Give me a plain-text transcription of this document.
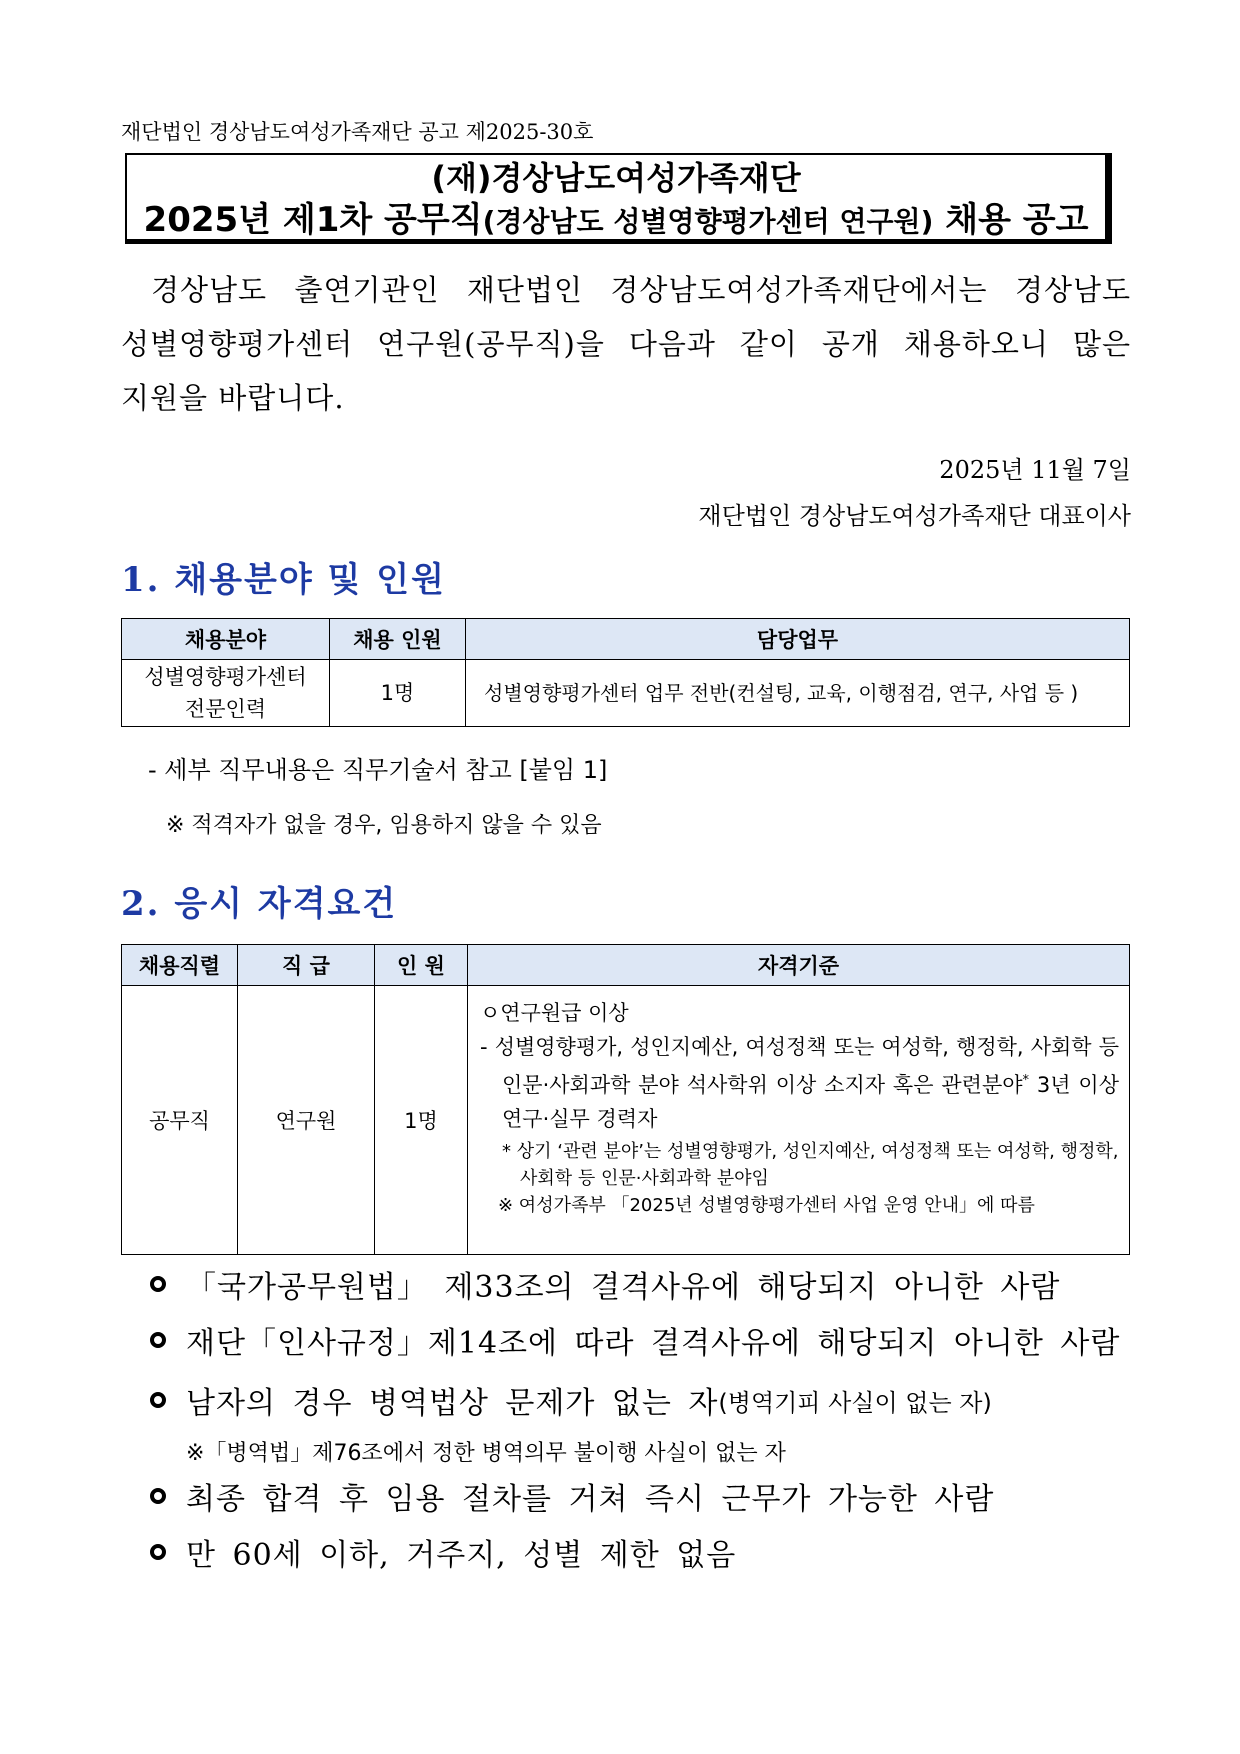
재단법인 경상남도여성가족재단 공고 제2025-30호
(재)경상남도여성가족재단
2025년 제1차 공무직(경상남도 성별영향평가센터 연구원) 채용 공고
경상남도 출연기관인 재단법인 경상남도여성가족재단에서는 경상남도
성별영향평가센터 연구원(공무직)을 다음과 같이 공개 채용하오니 많은
지원을 바랍니다.
2025년 11월 7일
재단법인 경상남도여성가족재단 대표이사
1. 채용분야 및 인원
채용분야	채용 인원	담당업무
성별영향평가센터
전문인력	1명	성별영향평가센터 업무 전반(컨설팅, 교육, 이행점검, 연구, 사업 등 )
- 세부 직무내용은 직무기술서 참고 [붙임 1]
※ 적격자가 없을 경우, 임용하지 않을 수 있음
2. 응시 자격요건
채용직렬	직 급	인 원	자격기준
공무직	연구원	1명	ㅇ연구원급 이상
- 성별영향평가, 성인지예산, 여성정책 또는 여성학, 행정학, 사회학 등 인문·사회과학 분야 석사학위 이상 소지자 혹은 관련분야* 3년 이상 연구·실무 경력자
* 상기 ‘관련 분야’는 성별영향평가, 성인지예산, 여성정책 또는 여성학, 행정학, 사회학 등 인문·사회과학 분야임
※ 여성가족부 「2025년 성별영향평가센터 사업 운영 안내」에 따름
「국가공무원법」 제33조의 결격사유에 해당되지 아니한 사람
재단「인사규정」제14조에 따라 결격사유에 해당되지 아니한 사람
남자의 경우 병역법상 문제가 없는 자 (병역기피 사실이 없는 자)
※「병역법」제76조에서 정한 병역의무 불이행 사실이 없는 자
최종 합격 후 임용 절차를 거쳐 즉시 근무가 가능한 사람
만 60세 이하, 거주지, 성별 제한 없음
